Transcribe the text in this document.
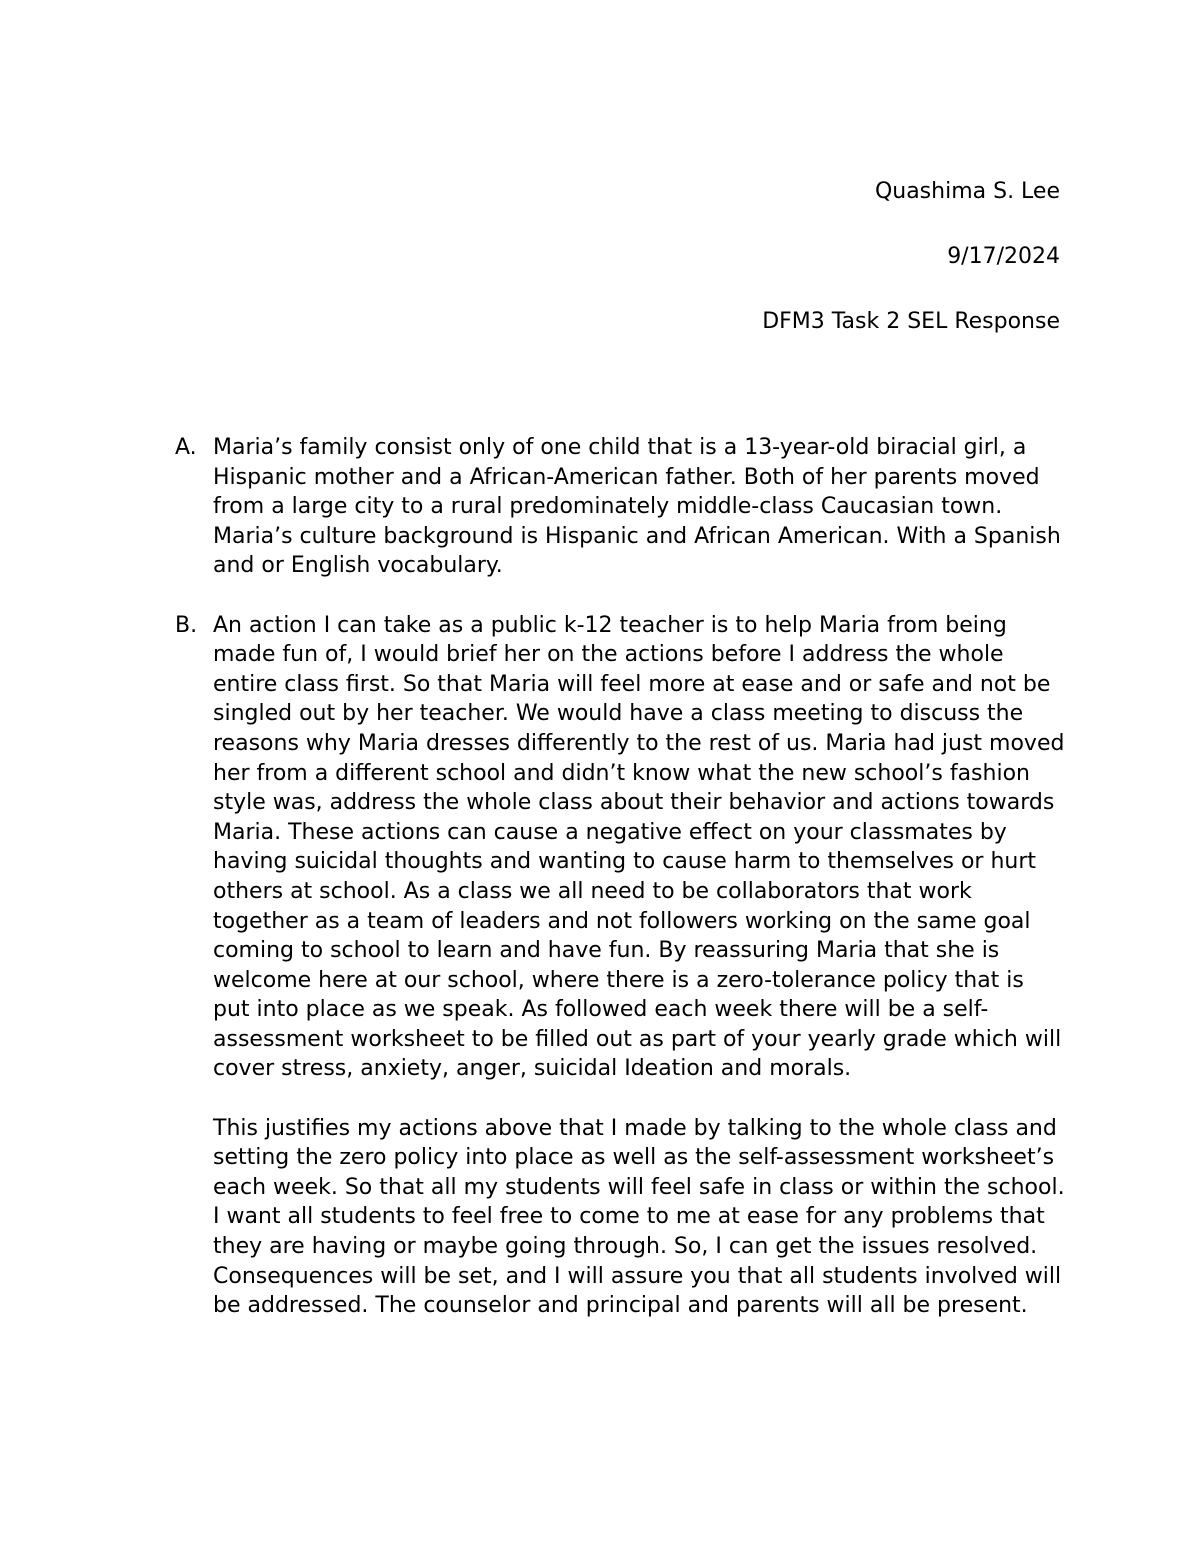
Quashima S. Lee

9/17/2024

DFM3 Task 2 SEL Response

A. Maria’s family consist only of one child that is a 13-year-old biracial girl, a Hispanic mother and a African-American father. Both of her parents moved from a large city to a rural predominately middle-class Caucasian town. Maria’s culture background is Hispanic and African American. With a Spanish and or English vocabulary.

B. An action I can take as a public k-12 teacher is to help Maria from being made fun of, I would brief her on the actions before I address the whole entire class first. So that Maria will feel more at ease and or safe and not be singled out by her teacher. We would have a class meeting to discuss the reasons why Maria dresses differently to the rest of us. Maria had just moved her from a different school and didn’t know what the new school’s fashion style was, address the whole class about their behavior and actions towards Maria. These actions can cause a negative effect on your classmates by having suicidal thoughts and wanting to cause harm to themselves or hurt others at school. As a class we all need to be collaborators that work together as a team of leaders and not followers working on the same goal coming to school to learn and have fun. By reassuring Maria that she is welcome here at our school, where there is a zero-tolerance policy that is put into place as we speak. As followed each week there will be a self-assessment worksheet to be filled out as part of your yearly grade which will cover stress, anxiety, anger, suicidal Ideation and morals.

This justifies my actions above that I made by talking to the whole class and setting the zero policy into place as well as the self-assessment worksheet’s each week. So that all my students will feel safe in class or within the school. I want all students to feel free to come to me at ease for any problems that they are having or maybe going through. So, I can get the issues resolved. Consequences will be set, and I will assure you that all students involved will be addressed. The counselor and principal and parents will all be present.
